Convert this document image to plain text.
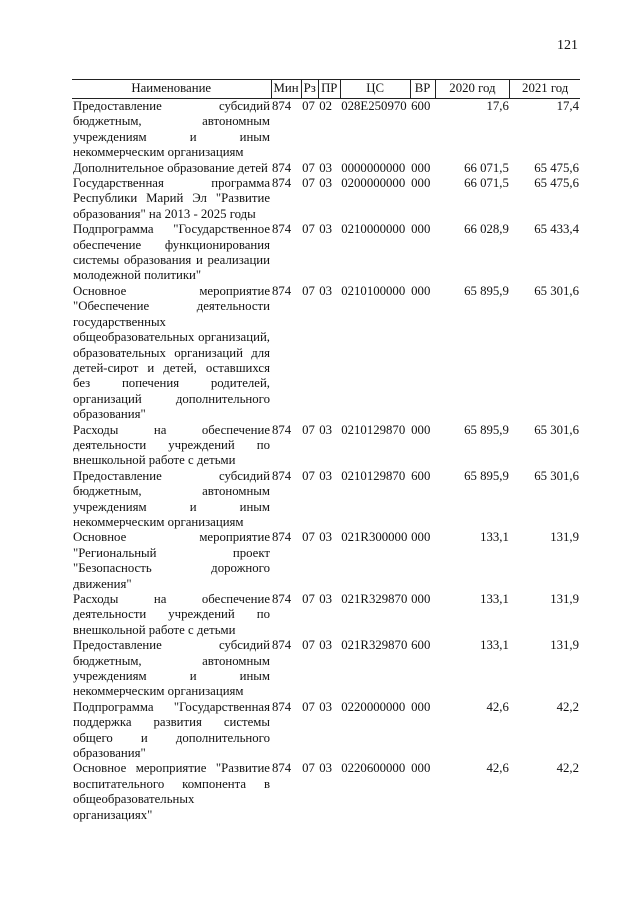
121
Наименование	Мин	Рз	ПР	ЦС	ВР	2020 год	2021 год
Предоставление субсидий бюджетным, автономным учреждениям и иным некоммерческим организациям	874	07	02	028E250970	600	17,6	17,4
Дополнительное образование детей	874	07	03	0000000000	000	66 071,5	65 475,6
Государственная программа Республики Марий Эл "Развитие образования" на 2013 - 2025 годы	874	07	03	0200000000	000	66 071,5	65 475,6
Подпрограмма "Государственное обеспечение функционирования системы образования и реализации молодежной политики"	874	07	03	0210000000	000	66 028,9	65 433,4
Основное мероприятие "Обеспечение деятельности государственных общеобразовательных организаций, образовательных организаций для детей-сирот и детей, оставшихся без попечения родителей, организаций дополнительного образования"	874	07	03	0210100000	000	65 895,9	65 301,6
Расходы на обеспечение деятельности учреждений по внешкольной работе с детьми	874	07	03	0210129870	000	65 895,9	65 301,6
Предоставление субсидий бюджетным, автономным учреждениям и иным некоммерческим организациям	874	07	03	0210129870	600	65 895,9	65 301,6
Основное мероприятие "Региональный проект "Безопасность дорожного движения"	874	07	03	021R300000	000	133,1	131,9
Расходы на обеспечение деятельности учреждений по внешкольной работе с детьми	874	07	03	021R329870	000	133,1	131,9
Предоставление субсидий бюджетным, автономным учреждениям и иным некоммерческим организациям	874	07	03	021R329870	600	133,1	131,9
Подпрограмма "Государственная поддержка развития системы общего и дополнительного образования"	874	07	03	0220000000	000	42,6	42,2
Основное мероприятие "Развитие воспитательного компонента в общеобразовательных организациях"	874	07	03	0220600000	000	42,6	42,2
